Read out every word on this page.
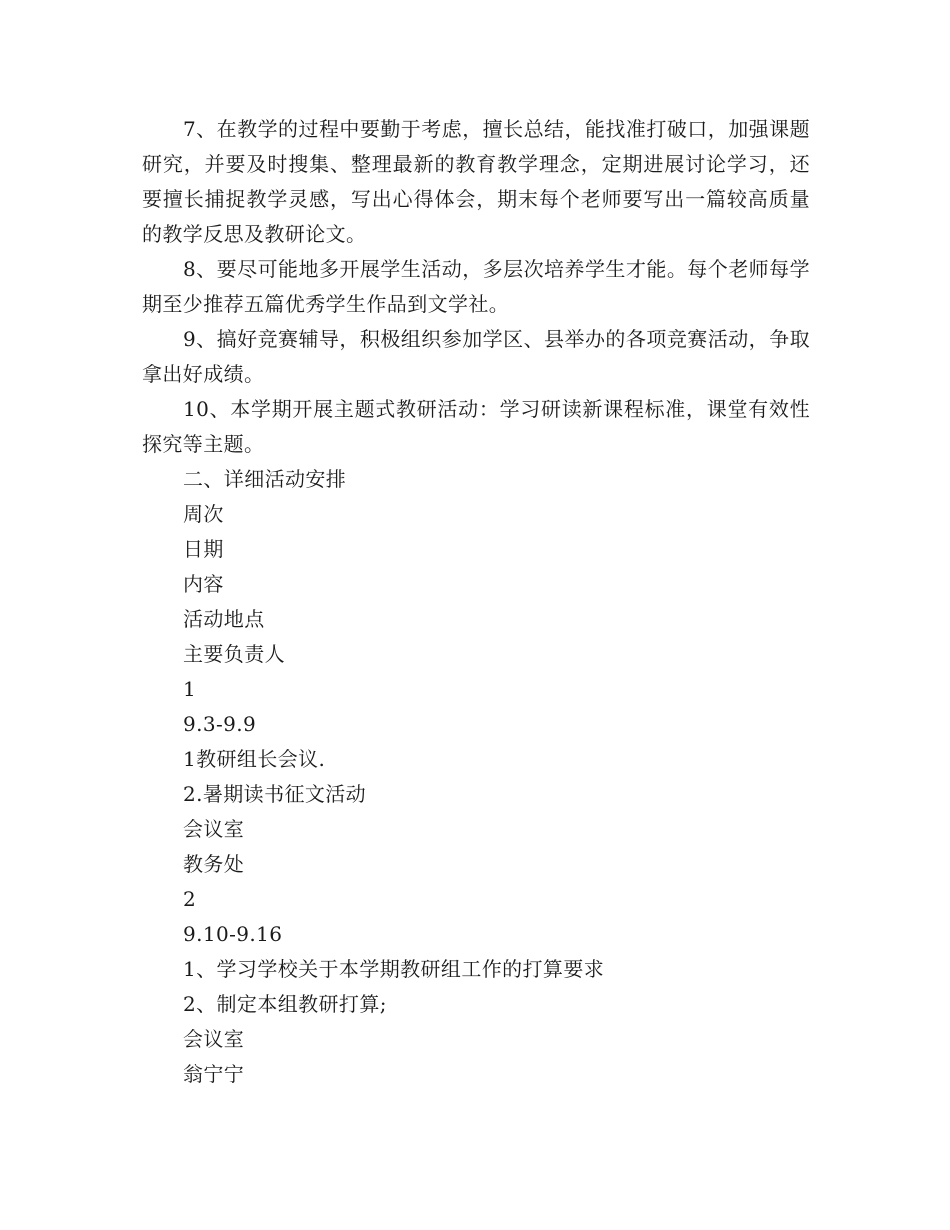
7、在教学的过程中要勤于考虑，擅长总结，能找准打破口，加强课题研究，并要及时搜集、整理最新的教育教学理念，定期进展讨论学习，还要擅长捕捉教学灵感，写出心得体会，期末每个老师要写出一篇较高质量的教学反思及教研论文。

8、要尽可能地多开展学生活动，多层次培养学生才能。每个老师每学期至少推荐五篇优秀学生作品到文学社。

9、搞好竞赛辅导，积极组织参加学区、县举办的各项竞赛活动，争取拿出好成绩。

10、本学期开展主题式教研活动：学习研读新课程标准，课堂有效性探究等主题。

二、详细活动安排

周次

日期

内容

活动地点

主要负责人

1

9.3-9.9

1教研组长会议.

2.暑期读书征文活动

会议室

教务处

2

9.10-9.16

1、学习学校关于本学期教研组工作的打算要求

2、制定本组教研打算;

会议室

翁宁宁
